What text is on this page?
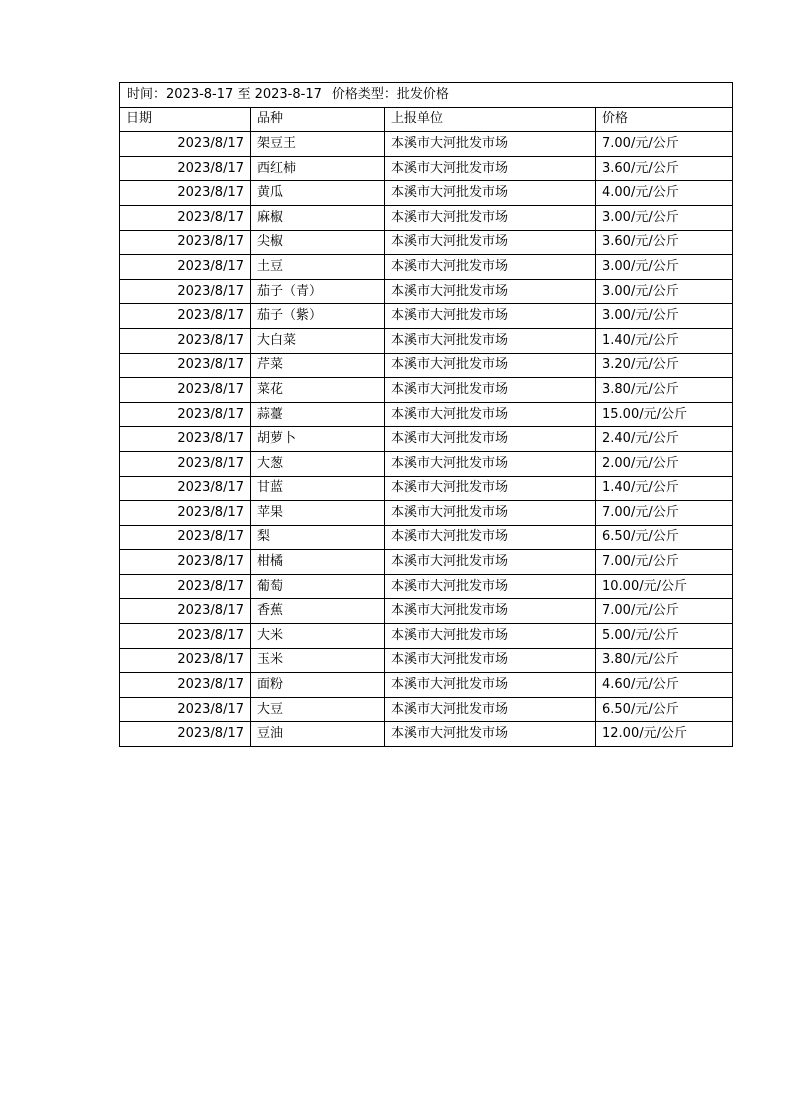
时间：2023-8-17 至 2023-8-17 价格类型：批发价格			
日期	品种	上报单位	价格
2023/8/17	架豆王	本溪市大河批发市场	7.00/元/公斤
2023/8/17	西红柿	本溪市大河批发市场	3.60/元/公斤
2023/8/17	黄瓜	本溪市大河批发市场	4.00/元/公斤
2023/8/17	麻椒	本溪市大河批发市场	3.00/元/公斤
2023/8/17	尖椒	本溪市大河批发市场	3.60/元/公斤
2023/8/17	土豆	本溪市大河批发市场	3.00/元/公斤
2023/8/17	茄子（青）	本溪市大河批发市场	3.00/元/公斤
2023/8/17	茄子（紫）	本溪市大河批发市场	3.00/元/公斤
2023/8/17	大白菜	本溪市大河批发市场	1.40/元/公斤
2023/8/17	芹菜	本溪市大河批发市场	3.20/元/公斤
2023/8/17	菜花	本溪市大河批发市场	3.80/元/公斤
2023/8/17	蒜薹	本溪市大河批发市场	15.00/元/公斤
2023/8/17	胡萝卜	本溪市大河批发市场	2.40/元/公斤
2023/8/17	大葱	本溪市大河批发市场	2.00/元/公斤
2023/8/17	甘蓝	本溪市大河批发市场	1.40/元/公斤
2023/8/17	苹果	本溪市大河批发市场	7.00/元/公斤
2023/8/17	梨	本溪市大河批发市场	6.50/元/公斤
2023/8/17	柑橘	本溪市大河批发市场	7.00/元/公斤
2023/8/17	葡萄	本溪市大河批发市场	10.00/元/公斤
2023/8/17	香蕉	本溪市大河批发市场	7.00/元/公斤
2023/8/17	大米	本溪市大河批发市场	5.00/元/公斤
2023/8/17	玉米	本溪市大河批发市场	3.80/元/公斤
2023/8/17	面粉	本溪市大河批发市场	4.60/元/公斤
2023/8/17	大豆	本溪市大河批发市场	6.50/元/公斤
2023/8/17	豆油	本溪市大河批发市场	12.00/元/公斤
